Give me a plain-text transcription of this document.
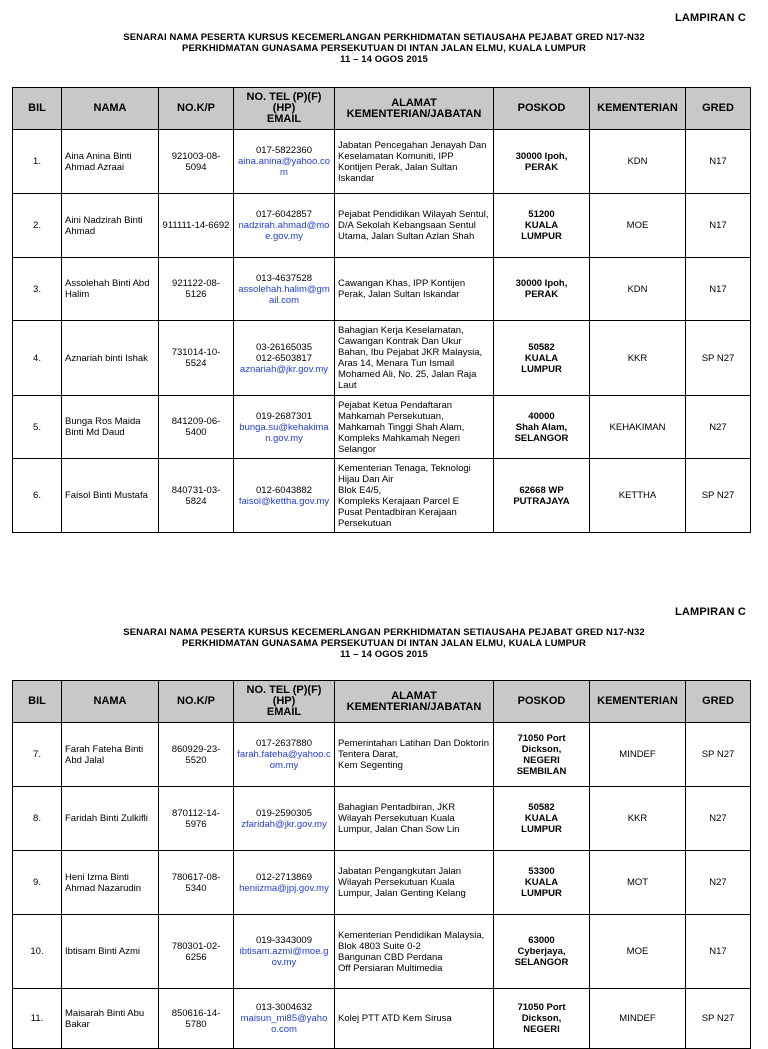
LAMPIRAN C
SENARAI NAMA PESERTA KURSUS KECEMERLANGAN PERKHIDMATAN SETIAUSAHA PEJABAT GRED N17-N32
PERKHIDMATAN GUNASAMA PERSEKUTUAN DI INTAN JALAN ELMU, KUALA LUMPUR
11 – 14 OGOS 2015
BIL	NAMA	NO.K/P	NO. TEL (P)(F)
(HP)
EMAIL	ALAMAT
KEMENTERIAN/JABATAN	POSKOD	KEMENTERIAN	GRED
1.	Aina Anina Binti Ahmad Azraai	921003-08-5094	017-5822360
aina.anina@yahoo.com	Jabatan Pencegahan Jenayah Dan Keselamatan Komuniti, IPP Kontijen Perak, Jalan Sultan Iskandar	30000 Ipoh,
PERAK	KDN	N17
2.	Aini Nadzirah Binti Ahmad	911111-14-6692	017-6042857
nadzirah.ahmad@moe.gov.my	Pejabat Pendidikan Wilayah Sentul, D/A Sekolah Kebangsaan Sentul Utama, Jalan Sultan Azlan Shah	51200
KUALA
LUMPUR	MOE	N17
3.	Assolehah Binti Abd Halim	921122-08-5126	013-4637528
assolehah.halim@gmail.com	Cawangan Khas, IPP Kontijen Perak, Jalan Sultan Iskandar	30000 Ipoh,
PERAK	KDN	N17
4.	Aznariah binti Ishak	731014-10-5524	03-26165035
012-6503817
aznariah@jkr.gov.my	Bahagian Kerja Keselamatan, Cawangan Kontrak Dan Ukur Bahan, Ibu Pejabat JKR Malaysia, Aras 14, Menara Tun Ismail Mohamed Ali, No. 25, Jalan Raja Laut	50582
KUALA
LUMPUR	KKR	SP N27
5.	Bunga Ros Maida Binti Md Daud	841209-06-5400	019-2687301
bunga.su@kehakiman.gov.my	Pejabat Ketua Pendaftaran Mahkamah Persekutuan, Mahkamah Tinggi Shah Alam, Kompleks Mahkamah Negeri Selangor	40000
Shah Alam,
SELANGOR	KEHAKIMAN	N27
6.	Faisol Binti Mustafa	840731-03-5824	012-6043882
faisol@kettha.gov.my	Kementerian Tenaga, Teknologi Hijau Dan Air
Blok E4/5,
Kompleks Kerajaan Parcel E
Pusat Pentadbiran Kerajaan Persekutuan	62668 WP
PUTRAJAYA	KETTHA	SP N27
LAMPIRAN C
SENARAI NAMA PESERTA KURSUS KECEMERLANGAN PERKHIDMATAN SETIAUSAHA PEJABAT GRED N17-N32
PERKHIDMATAN GUNASAMA PERSEKUTUAN DI INTAN JALAN ELMU, KUALA LUMPUR
11 – 14 OGOS 2015
BIL	NAMA	NO.K/P	NO. TEL (P)(F)
(HP)
EMAIL	ALAMAT
KEMENTERIAN/JABATAN	POSKOD	KEMENTERIAN	GRED
7.	Farah Fateha Binti Abd Jalal	860929-23-5520	017-2637880
farah.fateha@yahoo.com.my	Pemerintahan Latihan Dan Doktorin Tentera Darat,
Kem Segenting	71050 Port
Dickson,
NEGERI
SEMBILAN	MINDEF	SP N27
8.	Faridah Binti Zulkifli	870112-14-5976	019-2590305
zfaridah@jkr.gov.my	Bahagian Pentadbiran, JKR Wilayah Persekutuan Kuala Lumpur, Jalan Chan Sow Lin	50582
KUALA
LUMPUR	KKR	N27
9.	Heni Izma Binti Ahmad Nazarudin	780617-08-5340	012-2713869
heniizma@jpj.gov.my	Jabatan Pengangkutan Jalan Wilayah Persekutuan Kuala Lumpur, Jalan Genting Kelang	53300
KUALA
LUMPUR	MOT	N27
10.	Ibtisam Binti Azmi	780301-02-6256	019-3343009
ibtisam.azmi@moe.gov.my	Kementerian Pendidikan Malaysia,
Blok 4803 Suite 0-2
Bangunan CBD Perdana
Off Persiaran Multimedia	63000
Cyberjaya,
SELANGOR	MOE	N17
11.	Maisarah Binti Abu Bakar	850616-14-5780	013-3004632
maisun_mi85@yahoo.com	Kolej PTT ATD Kem Sirusa	71050 Port
Dickson,
NEGERI	MINDEF	SP N27
